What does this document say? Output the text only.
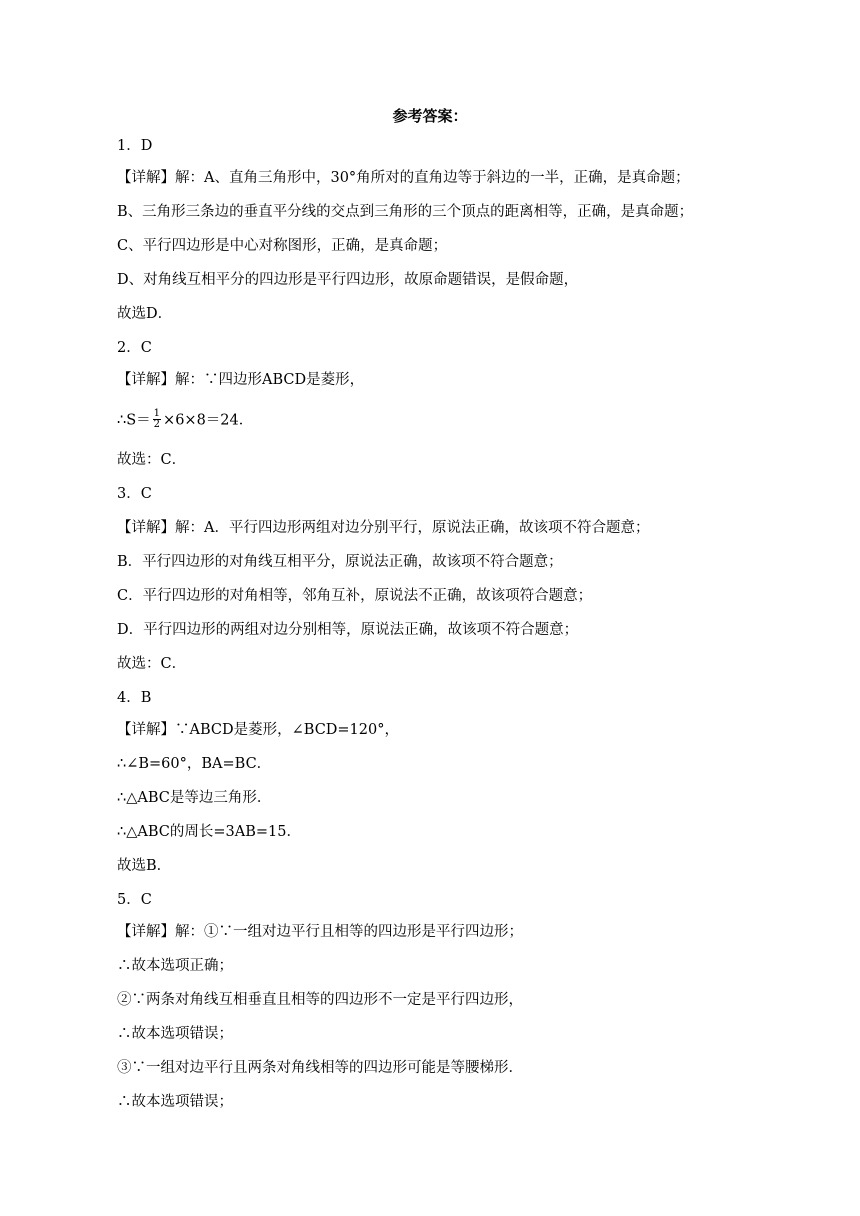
参考答案：
1．D
【详解】解：A、直角三角形中，30°角所对的直角边等于斜边的一半，正确，是真命题；
B、三角形三条边的垂直平分线的交点到三角形的三个顶点的距离相等，正确，是真命题；
C、平行四边形是中心对称图形，正确，是真命题；
D、对角线互相平分的四边形是平行四边形，故原命题错误，是假命题，
故选D．
2．C
【详解】解：∵四边形ABCD是菱形，
∴S＝ $\frac{1}{2} \times 6\times 8=24$．
故选：C．
3．C
【详解】解：A．平行四边形两组对边分别平行，原说法正确，故该项不符合题意；
B．平行四边形的对角线互相平分，原说法正确，故该项不符合题意；
C．平行四边形的对角相等，邻角互补，原说法不正确，故该项符合题意；
D．平行四边形的两组对边分别相等，原说法正确，故该项不符合题意；
故选：C．
4．B
【详解】∵ABCD是菱形，∠BCD=120°，
∴∠B=60°，BA=BC．
∴△ABC是等边三角形．
∴△ABC的周长=3AB=15．
故选B．
5．C
【详解】解：①∵一组对边平行且相等的四边形是平行四边形；
∴故本选项正确；
②∵两条对角线互相垂直且相等的四边形不一定是平行四边形，
∴故本选项错误；
③∵一组对边平行且两条对角线相等的四边形可能是等腰梯形．
∴故本选项错误；
